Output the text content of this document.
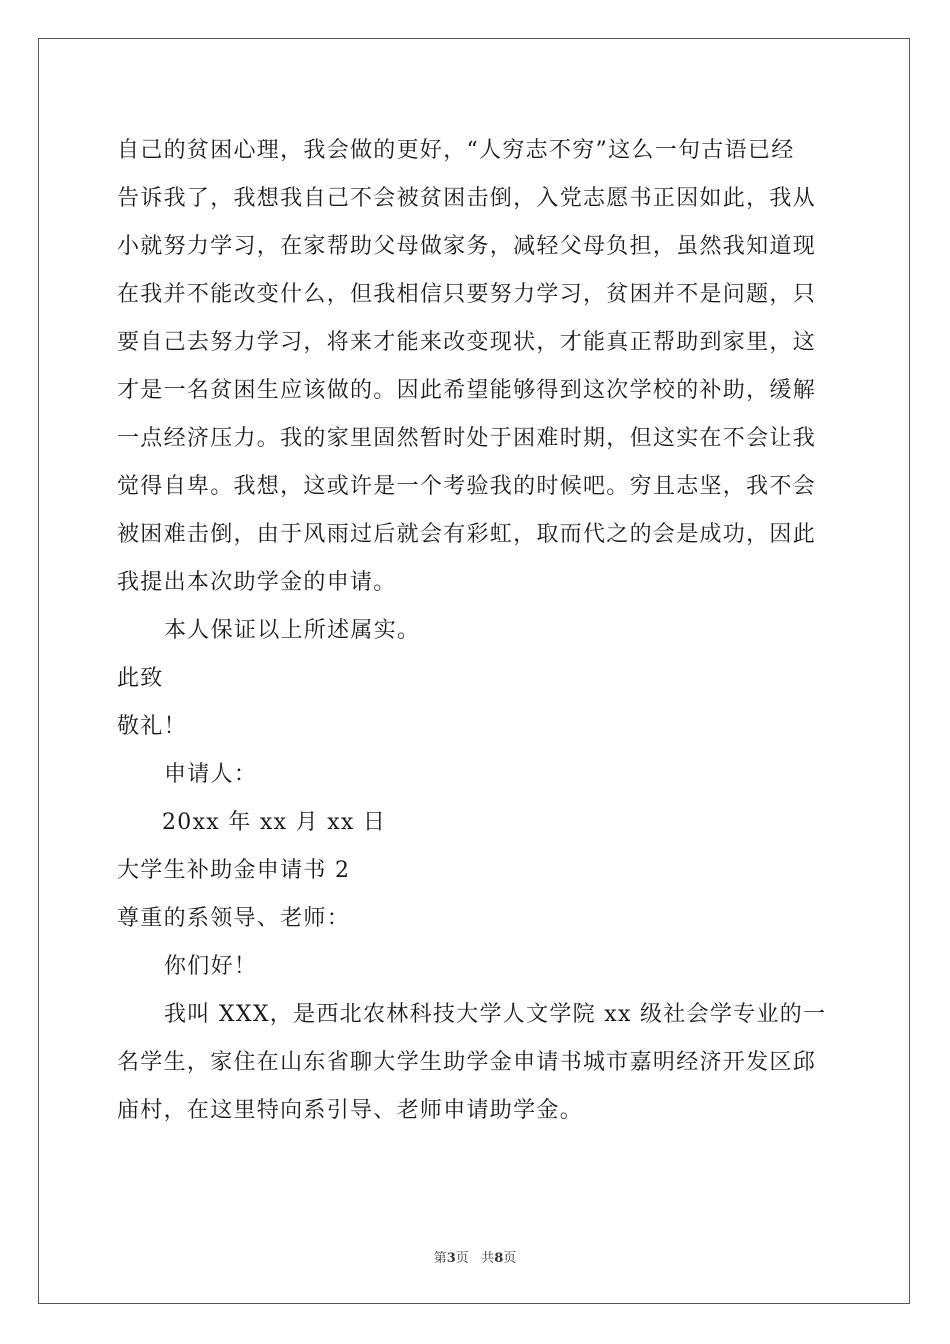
自己的贫困心理，我会做的更好，“人穷志不穷”这么一句古语已经
告诉我了，我想我自己不会被贫困击倒，入党志愿书正因如此，我从
小就努力学习，在家帮助父母做家务，减轻父母负担，虽然我知道现
在我并不能改变什么，但我相信只要努力学习，贫困并不是问题，只
要自己去努力学习，将来才能来改变现状，才能真正帮助到家里，这
才是一名贫困生应该做的。因此希望能够得到这次学校的补助，缓解
一点经济压力。我的家里固然暂时处于困难时期，但这实在不会让我
觉得自卑。我想，这或许是一个考验我的时候吧。穷且志坚，我不会
被困难击倒，由于风雨过后就会有彩虹，取而代之的会是成功，因此
我提出本次助学金的申请。
本人保证以上所述属实。
此致
敬礼！
申请人：
20xx 年 xx 月 xx 日
大学生补助金申请书 2
尊重的系领导、老师：
你们好！
我叫 XXX，是西北农林科技大学人文学院 xx 级社会学专业的一
名学生，家住在山东省聊大学生助学金申请书城市嘉明经济开发区邱
庙村，在这里特向系引导、老师申请助学金。
第3页   共8页
